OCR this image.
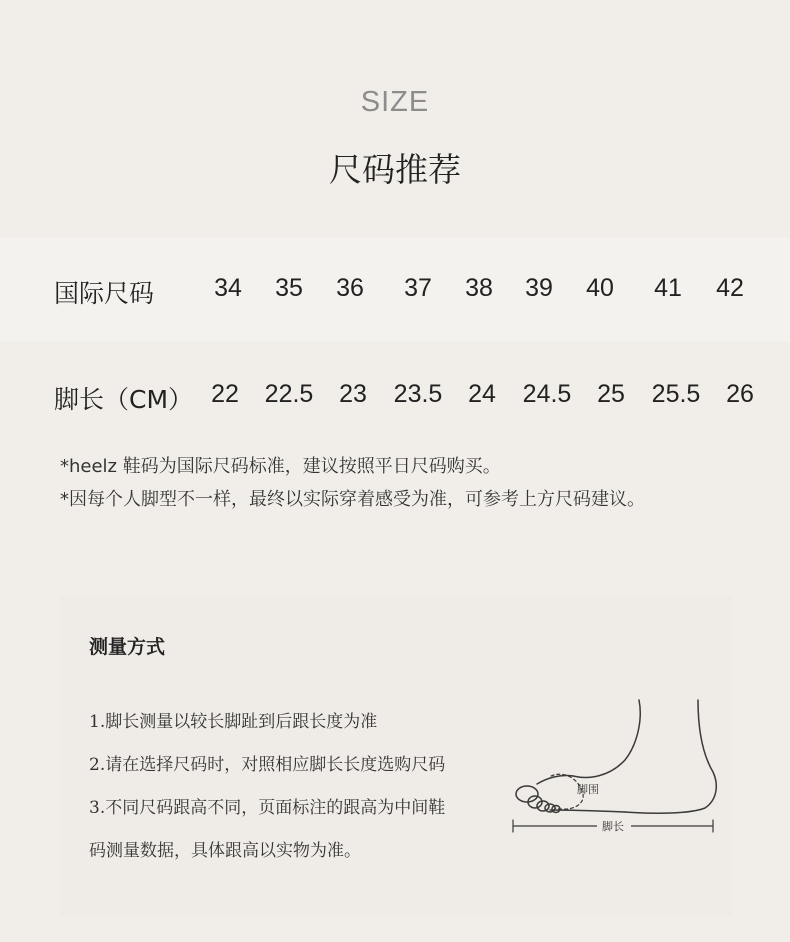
SIZE
尺码推荐
国际尺码 34 35 36 37 38 39 40 41 42
脚长（CM） 22 22.5 23 23.5 24 24.5 25 25.5 26
*heelz 鞋码为国际尺码标准，建议按照平日尺码购买。
*因每个人脚型不一样，最终以实际穿着感受为准，可参考上方尺码建议。
测量方式
1.脚长测量以较长脚趾到后跟长度为准
2.请在选择尺码时，对照相应脚长长度选购尺码
3.不同尺码跟高不同，页面标注的跟高为中间鞋
码测量数据，具体跟高以实物为准。
脚围
脚长
